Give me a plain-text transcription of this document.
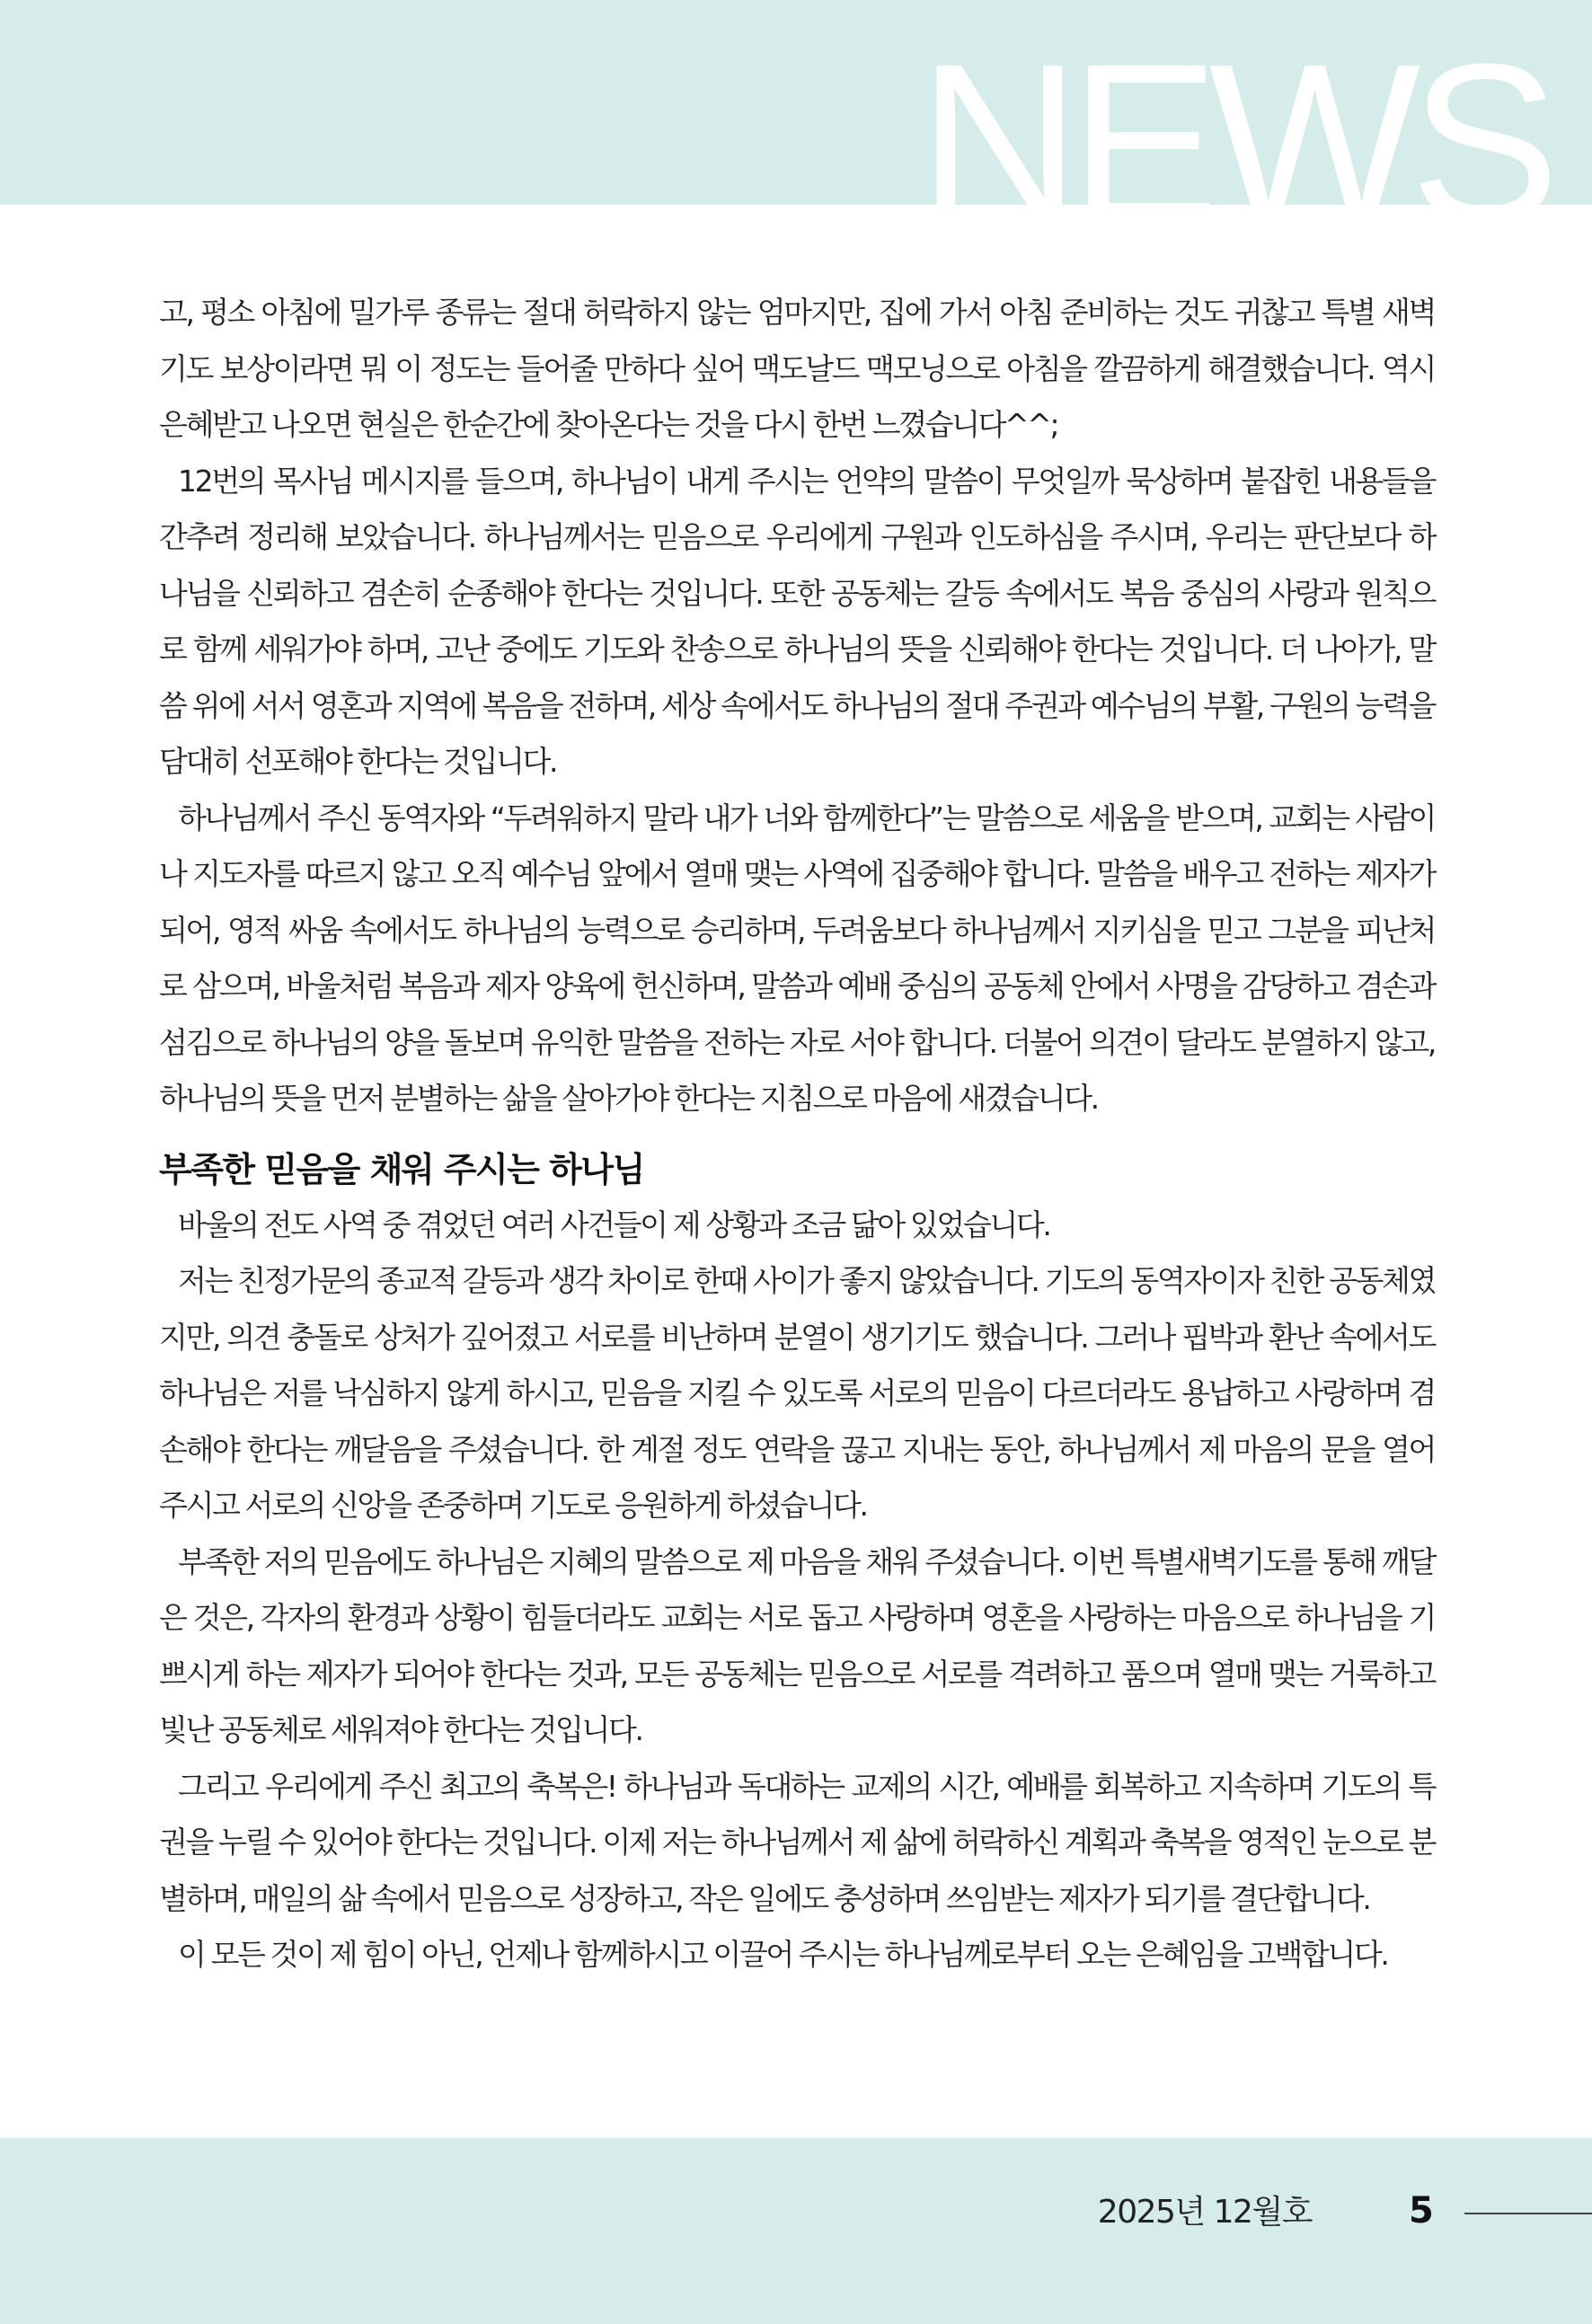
NEWS

고, 평소 아침에 밀가루 종류는 절대 허락하지 않는 엄마지만, 집에 가서 아침 준비하는 것도 귀찮고 특별 새벽기도 보상이라면 뭐 이 정도는 들어줄 만하다 싶어 맥도날드 맥모닝으로 아침을 깔끔하게 해결했습니다. 역시 은혜받고 나오면 현실은 한순간에 찾아온다는 것을 다시 한번 느꼈습니다^^;

12번의 목사님 메시지를 들으며, 하나님이 내게 주시는 언약의 말씀이 무엇일까 묵상하며 붙잡힌 내용들을 간추려 정리해 보았습니다. 하나님께서는 믿음으로 우리에게 구원과 인도하심을 주시며, 우리는 판단보다 하나님을 신뢰하고 겸손히 순종해야 한다는 것입니다. 또한 공동체는 갈등 속에서도 복음 중심의 사랑과 원칙으로 함께 세워가야 하며, 고난 중에도 기도와 찬송으로 하나님의 뜻을 신뢰해야 한다는 것입니다. 더 나아가, 말씀 위에 서서 영혼과 지역에 복음을 전하며, 세상 속에서도 하나님의 절대 주권과 예수님의 부활, 구원의 능력을 담대히 선포해야 한다는 것입니다.

하나님께서 주신 동역자와 “두려워하지 말라 내가 너와 함께한다”는 말씀으로 세움을 받으며, 교회는 사람이나 지도자를 따르지 않고 오직 예수님 앞에서 열매 맺는 사역에 집중해야 합니다. 말씀을 배우고 전하는 제자가 되어, 영적 싸움 속에서도 하나님의 능력으로 승리하며, 두려움보다 하나님께서 지키심을 믿고 그분을 피난처로 삼으며, 바울처럼 복음과 제자 양육에 헌신하며, 말씀과 예배 중심의 공동체 안에서 사명을 감당하고 겸손과 섬김으로 하나님의 양을 돌보며 유익한 말씀을 전하는 자로 서야 합니다. 더불어 의견이 달라도 분열하지 않고, 하나님의 뜻을 먼저 분별하는 삶을 살아가야 한다는 지침으로 마음에 새겼습니다.

부족한 믿음을 채워 주시는 하나님

바울의 전도 사역 중 겪었던 여러 사건들이 제 상황과 조금 닮아 있었습니다.

저는 친정가문의 종교적 갈등과 생각 차이로 한때 사이가 좋지 않았습니다. 기도의 동역자이자 친한 공동체였지만, 의견 충돌로 상처가 깊어졌고 서로를 비난하며 분열이 생기기도 했습니다. 그러나 핍박과 환난 속에서도 하나님은 저를 낙심하지 않게 하시고, 믿음을 지킬 수 있도록 서로의 믿음이 다르더라도 용납하고 사랑하며 겸손해야 한다는 깨달음을 주셨습니다. 한 계절 정도 연락을 끊고 지내는 동안, 하나님께서 제 마음의 문을 열어 주시고 서로의 신앙을 존중하며 기도로 응원하게 하셨습니다.

부족한 저의 믿음에도 하나님은 지혜의 말씀으로 제 마음을 채워 주셨습니다. 이번 특별새벽기도를 통해 깨달은 것은, 각자의 환경과 상황이 힘들더라도 교회는 서로 돕고 사랑하며 영혼을 사랑하는 마음으로 하나님을 기쁘시게 하는 제자가 되어야 한다는 것과, 모든 공동체는 믿음으로 서로를 격려하고 품으며 열매 맺는 거룩하고 빛난 공동체로 세워져야 한다는 것입니다.

그리고 우리에게 주신 최고의 축복은! 하나님과 독대하는 교제의 시간, 예배를 회복하고 지속하며 기도의 특권을 누릴 수 있어야 한다는 것입니다. 이제 저는 하나님께서 제 삶에 허락하신 계획과 축복을 영적인 눈으로 분별하며, 매일의 삶 속에서 믿음으로 성장하고, 작은 일에도 충성하며 쓰임받는 제자가 되기를 결단합니다.

이 모든 것이 제 힘이 아닌, 언제나 함께하시고 이끌어 주시는 하나님께로부터 오는 은혜임을 고백합니다.

2025년 12월호	5
